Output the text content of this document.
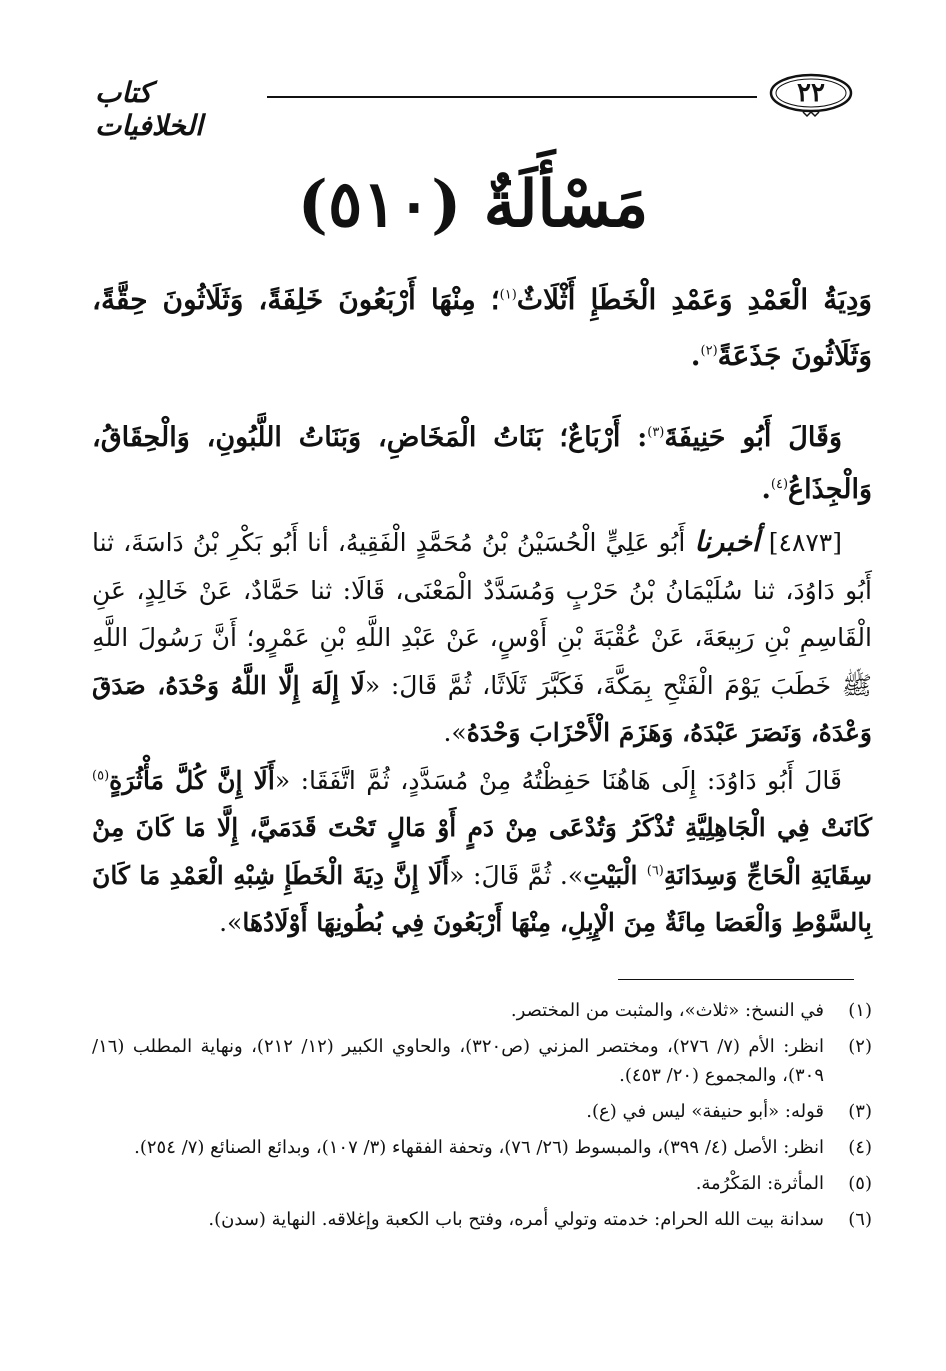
٢٢
كتاب الخلافيات
مَسْأَلَةٌ (٥١٠)
وَدِيَةُ الْعَمْدِ وَعَمْدِ الْخَطَإِ أَثْلَاثٌ$^{(١)}$؛ مِنْهَا أَرْبَعُونَ خَلِفَةً، وَثَلَاثُونَ حِقَّةً، وَثَلَاثُونَ جَذَعَةً$^{(٢)}$.
وَقَالَ أَبُو حَنِيفَةَ$^{(٣)}$: أَرْبَاعٌ؛ بَنَاتُ الْمَخَاضِ، وَبَنَاتُ اللَّبُونِ، وَالْحِقَاقُ، وَالْجِذَاعُ$^{(٤)}$.
[٤٨٧٣] أخبرنا أَبُو عَلِيٍّ الْحُسَيْنُ بْنُ مُحَمَّدٍ الْفَقِيهُ، أنا أَبُو بَكْرِ بْنُ دَاسَةَ، ثنا أَبُو دَاوُدَ، ثنا سُلَيْمَانُ بْنُ حَرْبٍ وَمُسَدَّدٌ الْمَعْنَى، قَالَا: ثنا حَمَّادٌ، عَنْ خَالِدٍ، عَنِ الْقَاسِمِ بْنِ رَبِيعَةَ، عَنْ عُقْبَةَ بْنِ أَوْسٍ، عَنْ عَبْدِ اللَّهِ بْنِ عَمْرٍو؛ أَنَّ رَسُولَ اللَّهِ ﷺ خَطَبَ يَوْمَ الْفَتْحِ بِمَكَّةَ، فَكَبَّرَ ثَلَاثًا، ثُمَّ قَالَ: «لَا إِلَهَ إِلَّا اللَّهُ وَحْدَهُ، صَدَقَ وَعْدَهُ، وَنَصَرَ عَبْدَهُ، وَهَزَمَ الْأَحْزَابَ وَحْدَهُ».
قَالَ أَبُو دَاوُدَ: إِلَى هَاهُنَا حَفِظْتُهُ مِنْ مُسَدَّدٍ، ثُمَّ اتَّفَقَا: «أَلَا إِنَّ كُلَّ مَأْثُرَةٍ$^{(٥)}$ كَانَتْ فِي الْجَاهِلِيَّةِ تُذْكَرُ وَتُدْعَى مِنْ دَمٍ أَوْ مَالٍ تَحْتَ قَدَمَيَّ، إِلَّا مَا كَانَ مِنْ سِقَايَةِ الْحَاجِّ وَسِدَانَةِ$^{(٦)}$ الْبَيْتِ». ثُمَّ قَالَ: «أَلَا إِنَّ دِيَةَ الْخَطَإِ شِبْهِ الْعَمْدِ مَا كَانَ بِالسَّوْطِ وَالْعَصَا مِائَةٌ مِنَ الْإِبِلِ، مِنْهَا أَرْبَعُونَ فِي بُطُونِهَا أَوْلَادُهَا».
(١)
في النسخ: «ثلاث»، والمثبت من المختصر.
(٢)
انظر: الأم (٧/ ٢٧٦)، ومختصر المزني (ص٣٢٠)، والحاوي الكبير (١٢/ ٢١٢)، ونهاية المطلب (١٦/ ٣٠٩)، والمجموع (٢٠/ ٤٥٣).
(٣)
قوله: «أبو حنيفة» ليس في (ع).
(٤)
انظر: الأصل (٤/ ٣٩٩)، والمبسوط (٢٦/ ٧٦)، وتحفة الفقهاء (٣/ ١٠٧)، وبدائع الصنائع (٧/ ٢٥٤).
(٥)
المأثرة: المَكْرُمة.
(٦)
سدانة بيت الله الحرام: خدمته وتولي أمره، وفتح باب الكعبة وإغلاقه. النهاية (سدن).
